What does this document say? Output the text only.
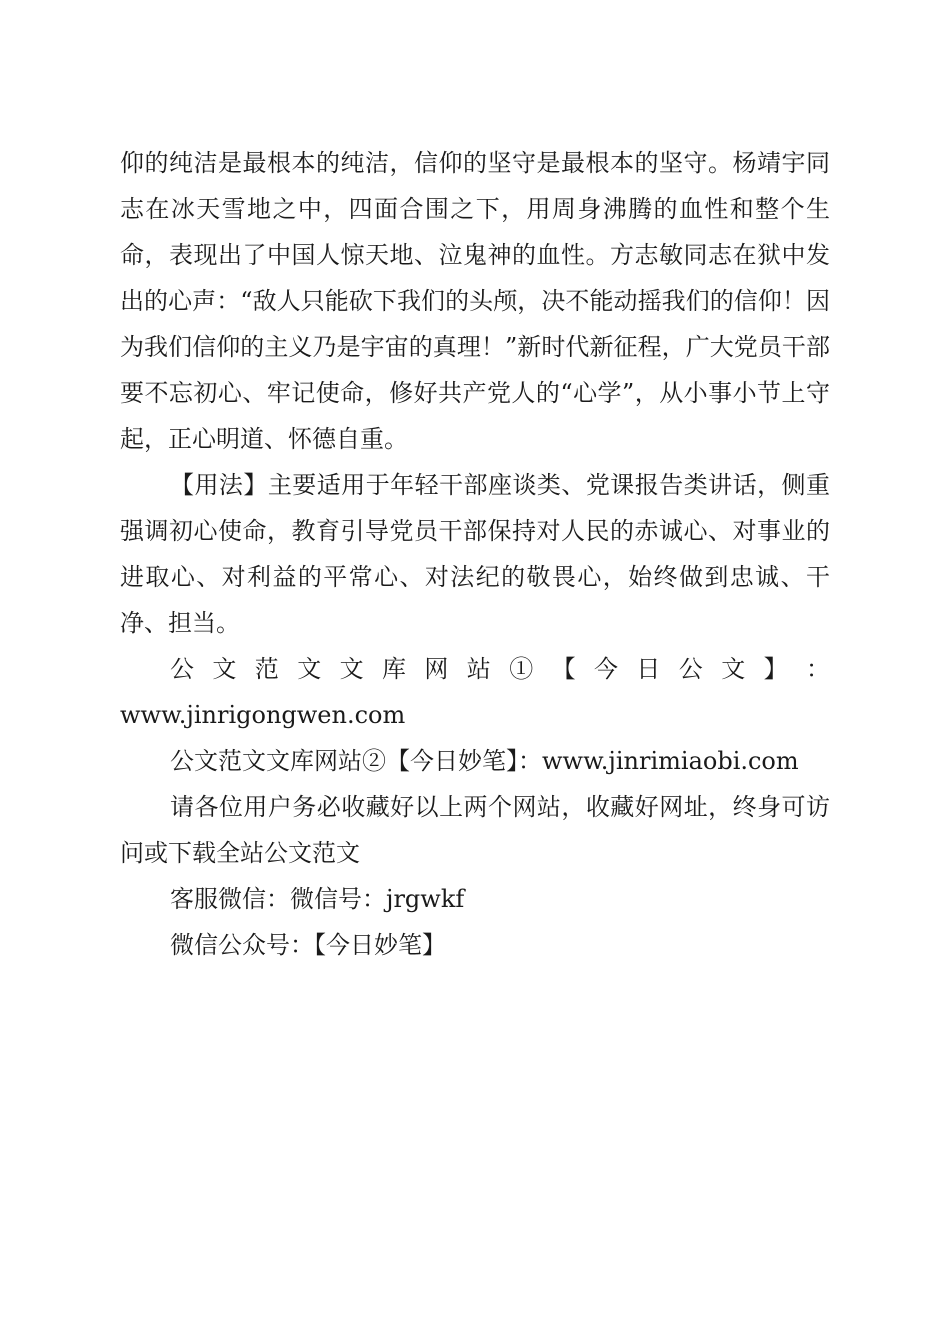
仰的纯洁是最根本的纯洁，信仰的坚守是最根本的坚守。杨靖宇同志在冰天雪地之中，四面合围之下，用周身沸腾的血性和整个生命，表现出了中国人惊天地、泣鬼神的血性。方志敏同志在狱中发出的心声：“敌人只能砍下我们的头颅，决不能动摇我们的信仰！因为我们信仰的主义乃是宇宙的真理！”新时代新征程，广大党员干部要不忘初心、牢记使命，修好共产党人的“心学”，从小事小节上守起，正心明道、怀德自重。

【用法】主要适用于年轻干部座谈类、党课报告类讲话，侧重强调初心使命，教育引导党员干部保持对人民的赤诚心、对事业的进取心、对利益的平常心、对法纪的敬畏心，始终做到忠诚、干净、担当。

公 文 范 文 文 库 网 站 ① 【 今 日 公 文 】 ：

www.jinrigongwen.com

公文范文文库网站②【今日妙笔】：www.jinrimiaobi.com

请各位用户务必收藏好以上两个网站，收藏好网址，终身可访问或下载全站公文范文

客服微信：微信号：jrgwkf

微信公众号：【今日妙笔】
